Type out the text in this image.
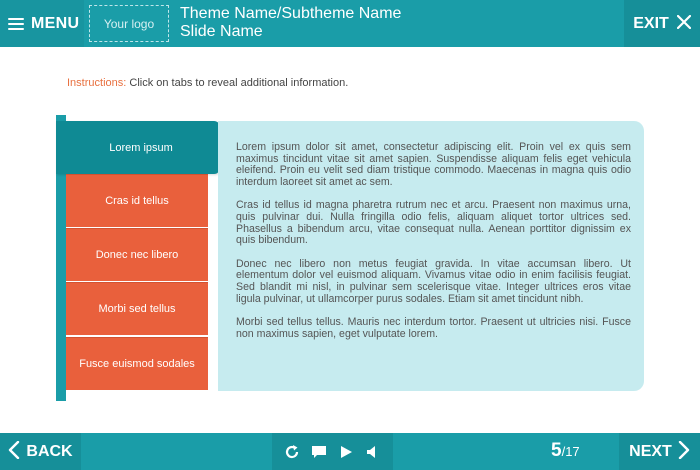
MENU	Your logo
Theme Name/Subtheme Name
Slide Name	EXIT
Instructions: Click on tabs to reveal additional information.
Lorem ipsum
Cras id tellus
Donec nec libero
Morbi sed tellus
Fusce euismod sodales

Lorem ipsum dolor sit amet, consectetur adipiscing elit. Proin vel ex quis sem maximus tincidunt vitae sit amet sapien. Suspendisse aliquam felis eget vehicula eleifend. Proin eu velit sed diam tristique commodo. Maecenas in magna quis odio interdum laoreet sit amet ac sem.

Cras id tellus id magna pharetra rutrum nec et arcu. Praesent non maximus urna, quis pulvinar dui. Nulla fringilla odio felis, aliquam aliquet tortor ultrices sed. Phasellus a bibendum arcu, vitae consequat nulla. Aenean porttitor dignissim ex quis bibendum.

Donec nec libero non metus feugiat gravida. In vitae accumsan libero. Ut elementum dolor vel euismod aliquam. Vivamus vitae odio in enim facilisis feugiat. Sed blandit mi nisl, in pulvinar sem scelerisque vitae. Integer ultrices eros vitae ligula pulvinar, ut ullamcorper purus sodales. Etiam sit amet tincidunt nibh.

Morbi sed tellus tellus. Mauris nec interdum tortor. Praesent ut ultricies nisi. Fusce non maximus sapien, eget vulputate lorem.

BACK	5/17	NEXT
